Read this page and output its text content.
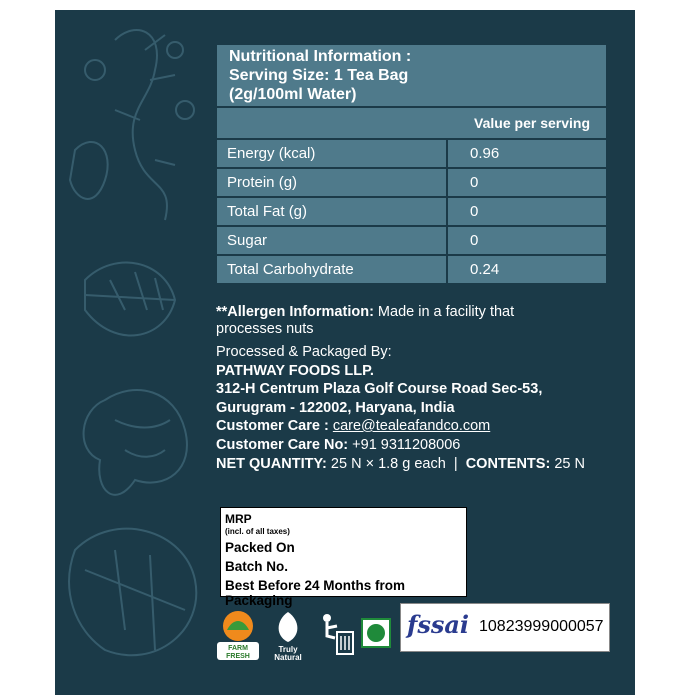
Nutritional Information :
Serving Size: 1 Tea Bag
(2g/100ml Water)	

Value per serving	
Energy (kcal)	0.96
Protein (g)	0
Total Fat (g)	0
Sugar	0
Total Carbohydrate	0.24
**Allergen Information: Made in a facility that processes nuts
Processed & Packaged By:
PATHWAY FOODS LLP.
312-H Centrum Plaza Golf Course Road Sec-53,
Gurugram - 122002, Haryana, India
Customer Care : care@tealeafandco.com
Customer Care No: +91 9311208006
NET QUANTITY: 25 N × 1.8 g each | CONTENTS: 25 N
MRP
(incl. of all taxes)
Packed On
Batch No.
Best Before 24 Months from Packaging
FARM
FRESH
Truly
Natural
fssai 10823999000057
